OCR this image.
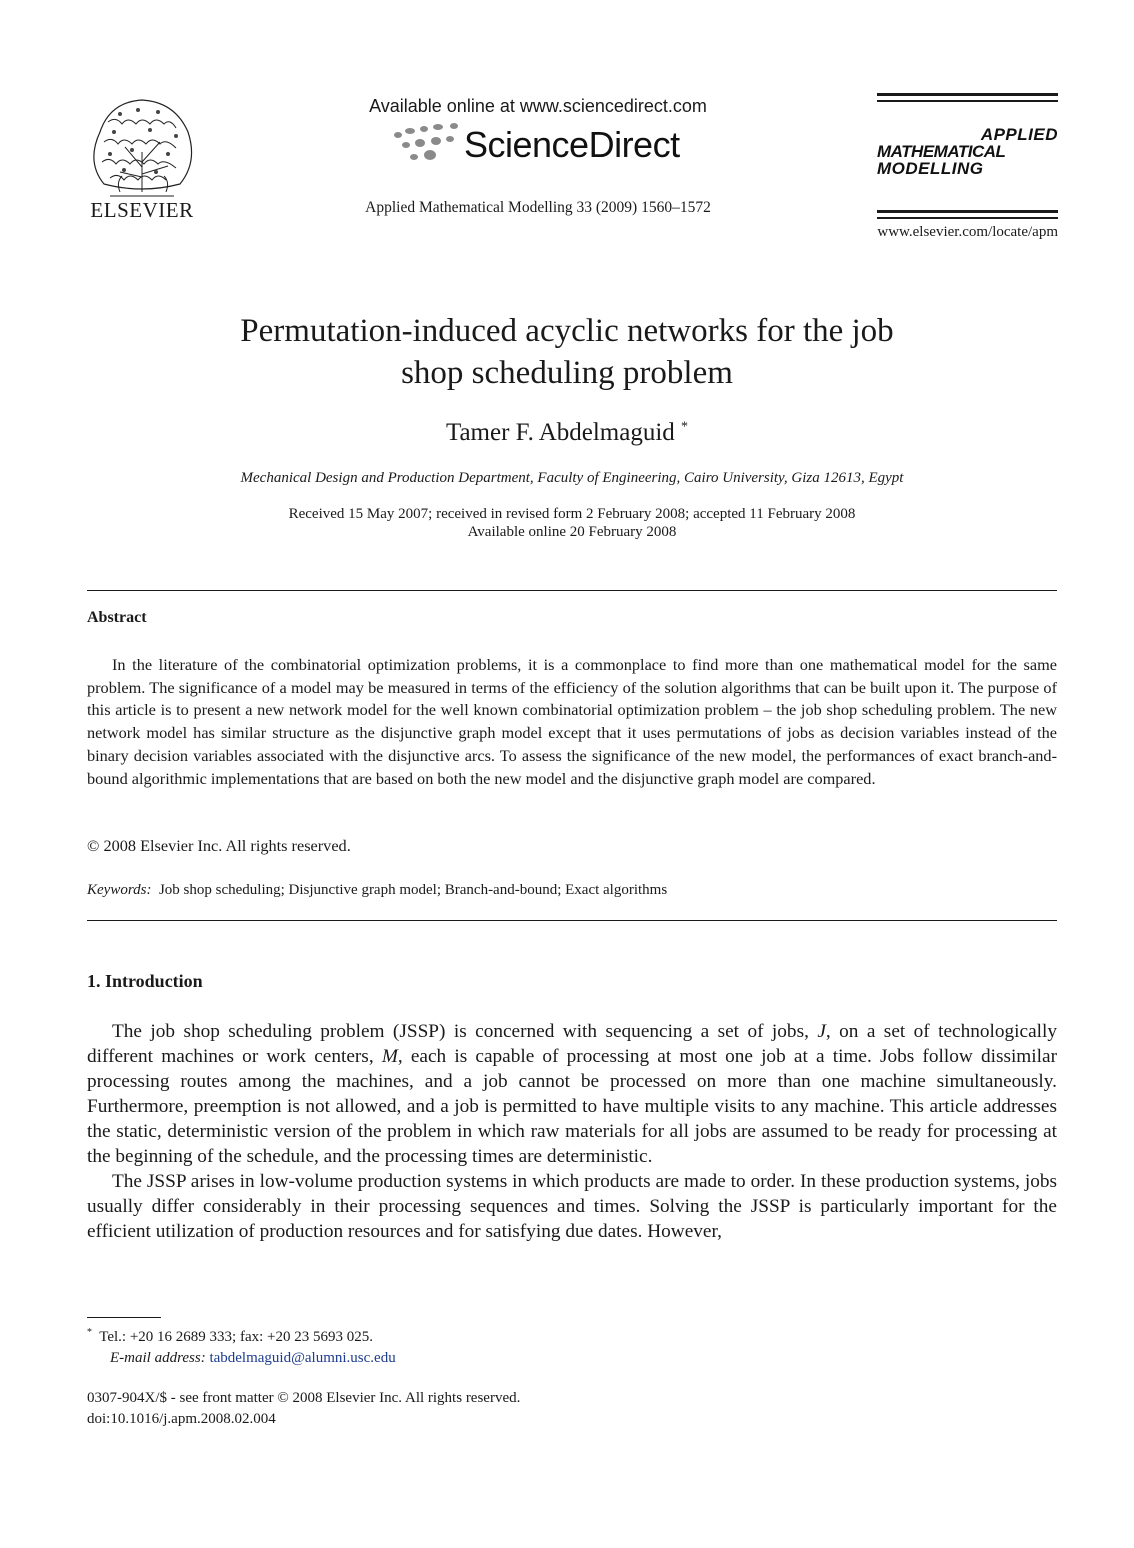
ELSEVIER
Available online at www.sciencedirect.com
ScienceDirect
Applied Mathematical Modelling 33 (2009) 1560–1572
APPLIED
MATHEMATICAL
MODELLING
www.elsevier.com/locate/apm
Permutation-induced acyclic networks for the job
shop scheduling problem
Tamer F. Abdelmaguid *
Mechanical Design and Production Department, Faculty of Engineering, Cairo University, Giza 12613, Egypt
Received 15 May 2007; received in revised form 2 February 2008; accepted 11 February 2008
Available online 20 February 2008
Abstract

In the literature of the combinatorial optimization problems, it is a commonplace to find more than one mathematical model for the same problem. The significance of a model may be measured in terms of the efficiency of the solution algorithms that can be built upon it. The purpose of this article is to present a new network model for the well known combinatorial optimization problem – the job shop scheduling problem. The new network model has similar structure as the disjunctive graph model except that it uses permutations of jobs as decision variables instead of the binary decision variables associated with the disjunctive arcs. To assess the significance of the new model, the performances of exact branch-and-bound algorithmic implementations that are based on both the new model and the disjunctive graph model are compared.

© 2008 Elsevier Inc. All rights reserved.
Keywords: Job shop scheduling; Disjunctive graph model; Branch-and-bound; Exact algorithms
1. Introduction

The job shop scheduling problem (JSSP) is concerned with sequencing a set of jobs, J, on a set of technologically different machines or work centers, M, each is capable of processing at most one job at a time. Jobs follow dissimilar processing routes among the machines, and a job cannot be processed on more than one machine simultaneously. Furthermore, preemption is not allowed, and a job is permitted to have multiple visits to any machine. This article addresses the static, deterministic version of the problem in which raw materials for all jobs are assumed to be ready for processing at the beginning of the schedule, and the processing times are deterministic.

The JSSP arises in low-volume production systems in which products are made to order. In these production systems, jobs usually differ considerably in their processing sequences and times. Solving the JSSP is particularly important for the efficient utilization of production resources and for satisfying due dates. However,

* Tel.: +20 16 2689 333; fax: +20 23 5693 025.
E-mail address: tabdelmaguid@alumni.usc.edu
0307-904X/$ - see front matter © 2008 Elsevier Inc. All rights reserved.
doi:10.1016/j.apm.2008.02.004
